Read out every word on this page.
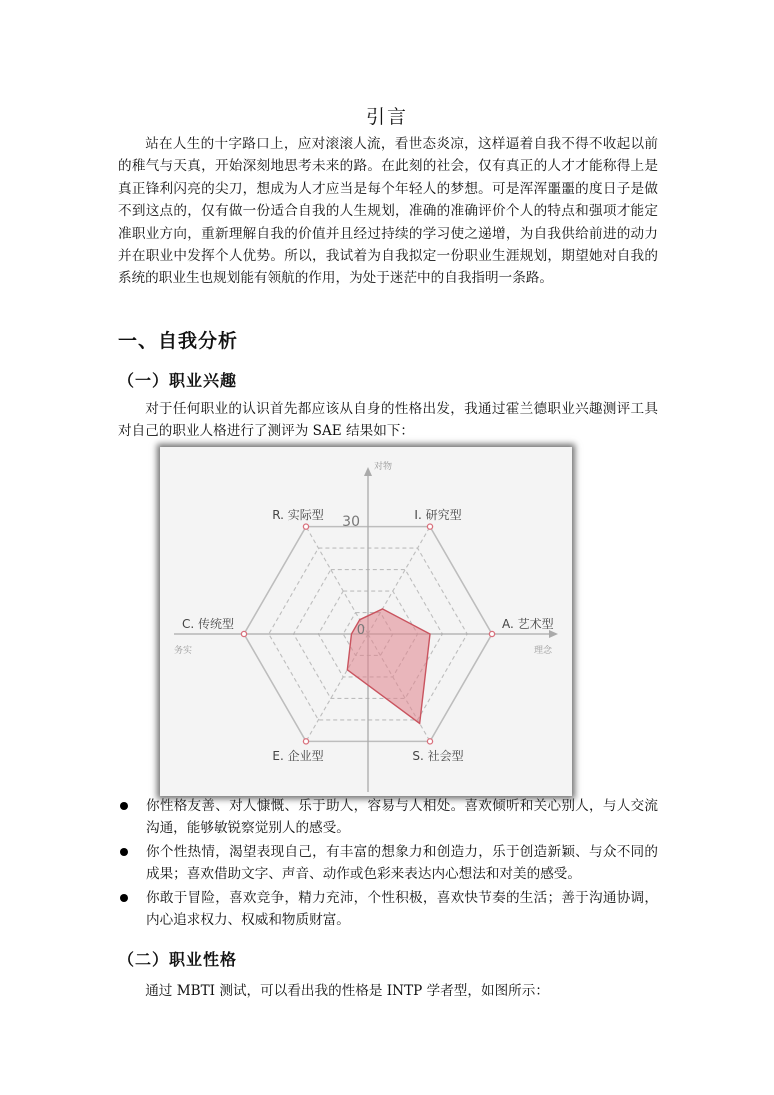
引言

站在人生的十字路口上，应对滚滚人流，看世态炎凉，这样逼着自我不得不收起以前的稚气与天真，开始深刻地思考未来的路。在此刻的社会，仅有真正的人才才能称得上是真正锋利闪亮的尖刀，想成为人才应当是每个年轻人的梦想。可是浑浑噩噩的度日子是做不到这点的，仅有做一份适合自我的人生规划，准确的准确评价个人的特点和强项才能定准职业方向，重新理解自我的价值并且经过持续的学习使之递增，为自我供给前进的动力并在职业中发挥个人优势。所以，我试着为自我拟定一份职业生涯规划，期望她对自我的系统的职业生也规划能有领航的作用，为处于迷茫中的自我指明一条路。

一、自我分析
（一）职业兴趣

对于任何职业的认识首先都应该从自身的性格出发，我通过霍兰德职业兴趣测评工具对自己的职业人格进行了测评为 SAE 结果如下：

R. 实际型	I. 研究型
A. 艺术型
S. 社会型
E. 企业型
C. 传统型
30
0
对物
务实	理念
你性格友善、对人慷慨、乐于助人，容易与人相处。喜欢倾听和关心别人，与人交流沟通，能够敏锐察觉别人的感受。
你个性热情，渴望表现自己，有丰富的想象力和创造力，乐于创造新颖、与众不同的成果；喜欢借助文字、声音、动作或色彩来表达内心想法和对美的感受。
你敢于冒险，喜欢竞争，精力充沛，个性积极，喜欢快节奏的生活；善于沟通协调，内心追求权力、权威和物质财富。
（二）职业性格

通过 MBTI 测试，可以看出我的性格是 INTP 学者型，如图所示：
